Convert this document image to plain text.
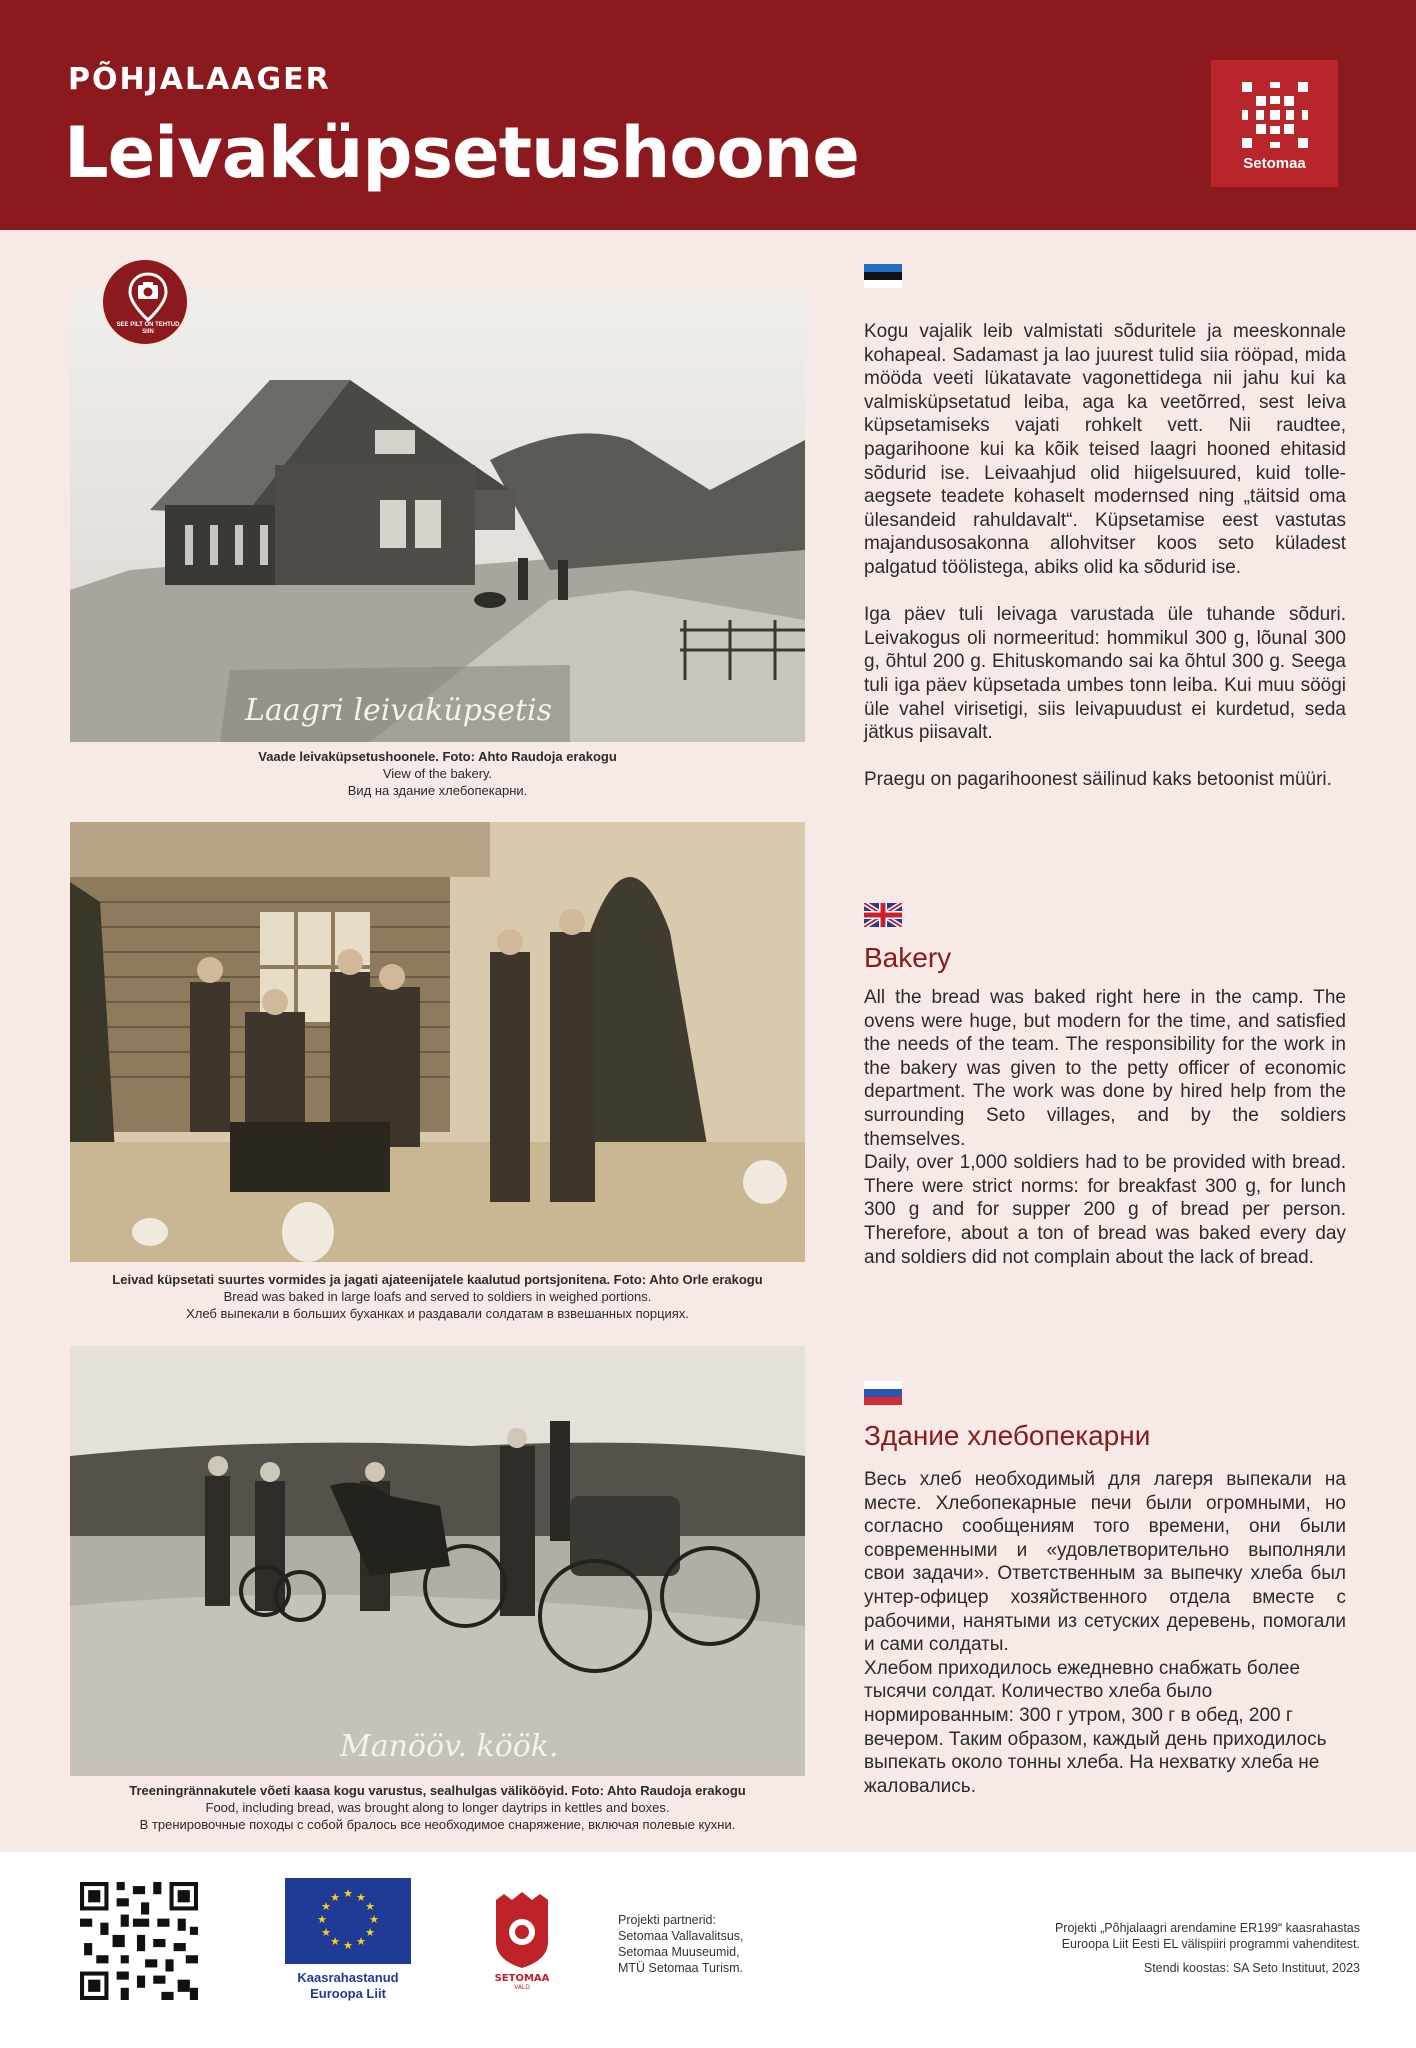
PÕHJALAAGER
Leivaküpsetushoone	Setomaa
Laagri leivaküpsetis
SEE PILT ON TEHTUD SIIN
Vaade leivaküpsetushoonele. Foto: Ahto Raudoja erakogu
View of the bakery.
Вид на здание хлебопекарни.
Leivad küpsetati suurtes vormides ja jagati ajateenijatele kaalutud portsjonitena. Foto: Ahto Orle erakogu
Bread was baked in large loafs and served to soldiers in weighed portions.
Хлеб выпекали в больших буханках и раздавали солдатам в взвешанных порциях.
Manööv. köök.
Treeningrännakutele võeti kaasa kogu varustus, sealhulgas välikööγid. Foto: Ahto Raudoja erakogu
Food, including bread, was brought along to longer daytrips in kettles and boxes.
В тренировочные походы с собой бралось все необходимое снаряжение, включая полевые кухни.

Kogu vajalik leib valmistati sõduritele ja meeskonnale kohapeal. Sadamast ja lao juurest tulid siia rööpad, mida mööda veeti lükatavate vagonettidega nii jahu kui ka valmisküpsetatud leiba, aga ka veetõrred, sest leiva küpsetamiseks vajati rohkelt vett. Nii raudtee, pagarihoone kui ka kõik teised laagri hooned ehitasid sõdurid ise. Leivaahjud olid hiigelsuured, kuid tolle-aegsete teadete kohaselt modernsed ning „täitsid oma ülesandeid rahuldavalt“. Küpsetamise eest vastutas majandusosakonna allohvitser koos seto küladest palgatud töölistega, abiks olid ka sõdurid ise.

Iga päev tuli leivaga varustada üle tuhande sõduri. Leivakogus oli normeeritud: hommikul 300 g, lõunal 300 g, õhtul 200 g. Ehituskomando sai ka õhtul 300 g. Seega tuli iga päev küpsetada umbes tonn leiba. Kui muu söögi üle vahel virisetigi, siis leivapuudust ei kurdetud, seda jätkus piisavalt.

Praegu on pagarihoonest säilinud kaks betoonist müüri.

Bakery

All the bread was baked right here in the camp. The ovens were huge, but modern for the time, and satisfied the needs of the team. The responsibility for the work in the bakery was given to the petty officer of economic department. The work was done by hired help from the surrounding Seto villages, and by the soldiers themselves.

Daily, over 1,000 soldiers had to be provided with bread. There were strict norms: for breakfast 300 g, for lunch 300 g and for supper 200 g of bread per person. Therefore, about a ton of bread was baked every day and soldiers did not complain about the lack of bread.

Здание хлебопекарни

Весь хлеб необходимый для лагеря выпекали на месте. Хлебопекарные печи были огромными, но согласно сообщениям того времени, они были современными и «удовлетворительно выполняли свои задачи». Ответственным за выпечку хлеба был унтер-офицер хозяйственного отдела вместе с рабочими, нанятыми из сетуских деревень, помогали и сами солдаты.

Хлебом приходилось ежедневно снабжать более тысячи солдат. Количество хлеба было нормированным: 300 г утром, 300 г в обед, 200 г вечером. Таким образом, каждый день приходилось выпекать около тонны хлеба. На нехватку хлеба не жаловались.

★ ★
★
★
★
★
★
★
★
★
★
★
Kaasrahastanud
Euroopa Liit
SETOMAA
VALD
Projekti partnerid:
Setomaa Vallavalitsus,
Setomaa Muuseumid,
MTÜ Setomaa Turism.
Projekti „Põhjalaagri arendamine ER199“ kaasrahastas
Euroopa Liit Eesti EL välispiiri programmi vahenditest.
Stendi koostas: SA Seto Instituut, 2023
